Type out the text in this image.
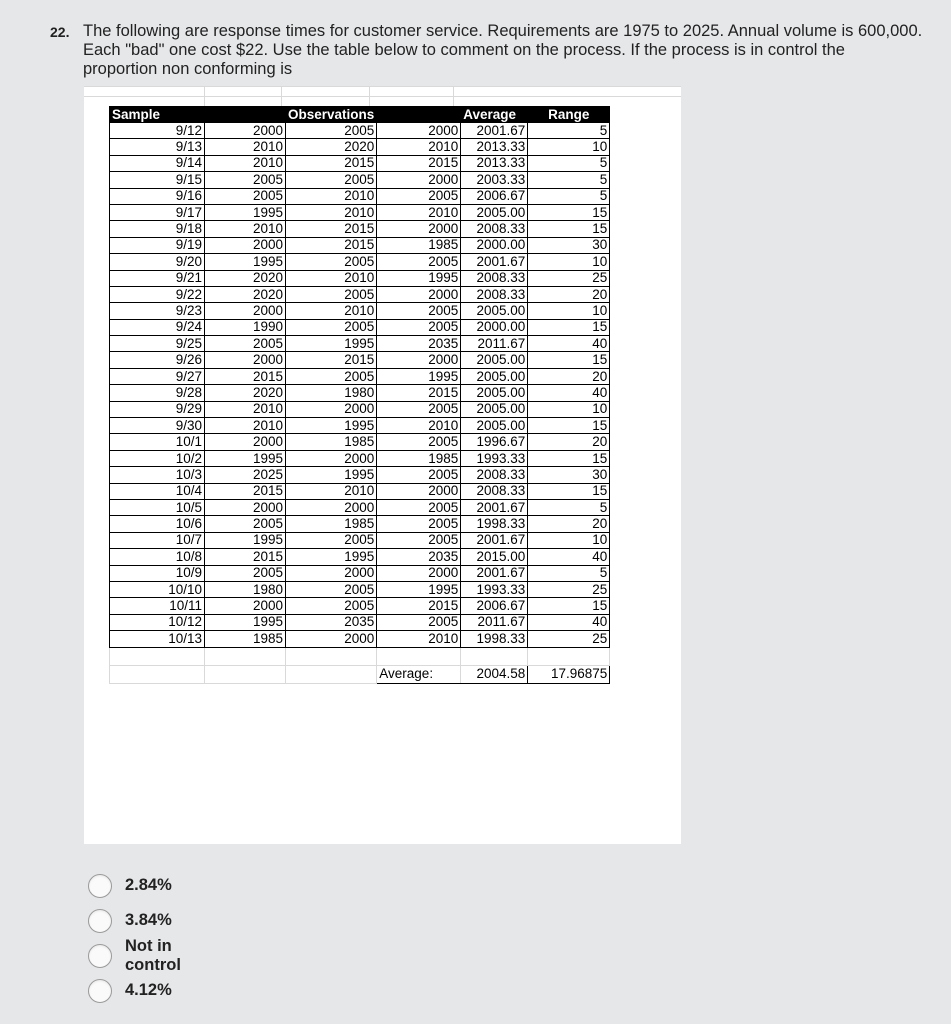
22. The following are response times for customer service. Requirements are 1975 to 2025. Annual volume is 600,000. Each "bad" one cost $22. Use the table below to comment on the process. If the process is in control the proportion non conforming is
Sample		Observations		Average	Range
9/12	2000	2005	2000	2001.67	5
9/13	2010	2020	2010	2013.33	10
9/14	2010	2015	2015	2013.33	5
9/15	2005	2005	2000	2003.33	5
9/16	2005	2010	2005	2006.67	5
9/17	1995	2010	2010	2005.00	15
9/18	2010	2015	2000	2008.33	15
9/19	2000	2015	1985	2000.00	30
9/20	1995	2005	2005	2001.67	10
9/21	2020	2010	1995	2008.33	25
9/22	2020	2005	2000	2008.33	20
9/23	2000	2010	2005	2005.00	10
9/24	1990	2005	2005	2000.00	15
9/25	2005	1995	2035	2011.67	40
9/26	2000	2015	2000	2005.00	15
9/27	2015	2005	1995	2005.00	20
9/28	2020	1980	2015	2005.00	40
9/29	2010	2000	2005	2005.00	10
9/30	2010	1995	2010	2005.00	15
10/1	2000	1985	2005	1996.67	20
10/2	1995	2000	1985	1993.33	15
10/3	2025	1995	2005	2008.33	30
10/4	2015	2010	2000	2008.33	15
10/5	2000	2000	2005	2001.67	5
10/6	2005	1985	2005	1998.33	20
10/7	1995	2005	2005	2001.67	10
10/8	2015	1995	2035	2015.00	40
10/9	2005	2000	2000	2001.67	5
10/10	1980	2005	1995	1993.33	25
10/11	2000	2005	2015	2006.67	15
10/12	1995	2035	2005	2011.67	40
10/13	1985	2000	2010	1998.33	25

			Average:	2004.58	17.96875
2.84%
3.84%
Not in control
4.12%
